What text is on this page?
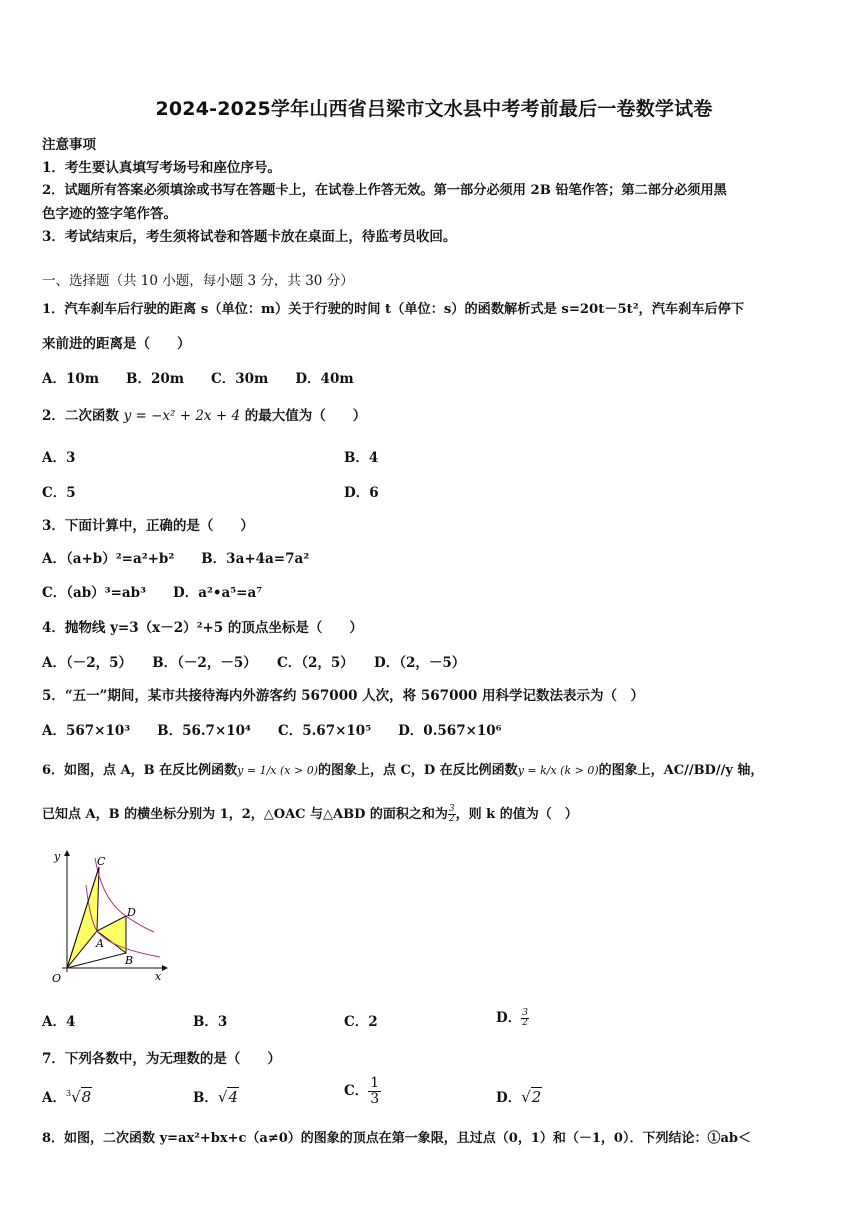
2024-2025学年山西省吕梁市文水县中考考前最后一卷数学试卷
注意事项
1．考生要认真填写考场号和座位序号。
2．试题所有答案必须填涂或书写在答题卡上，在试卷上作答无效。第一部分必须用 2B 铅笔作答；第二部分必须用黑
色字迹的签字笔作答。
3．考试结束后，考生须将试卷和答题卡放在桌面上，待监考员收回。
一、选择题（共 10 小题，每小题 3 分，共 30 分）
1．汽车刹车后行驶的距离 s（单位：m）关于行驶的时间 t（单位：s）的函数解析式是 s=20t－5t²，汽车刹车后停下
来前进的距离是（　　）
A．10m　　B．20m　　C．30m　　D．40m
2．二次函数 y = −x² + 2x + 4 的最大值为（　　）
A．3	B．4
C．5	D．6
3．下面计算中，正确的是（　　）
A．（a+b）²=a²+b²　　B．3a+4a=7a²
C．（ab）³=ab³　　D．a²•a⁵=a⁷
4．抛物线 y=3（x－2）²+5 的顶点坐标是（　　）
A．（－2，5）　　B．（－2，－5）　　C．（2，5）　　D．（2，－5）
5．“五一”期间，某市共接待海内外游客约 567000 人次，将 567000 用科学记数法表示为（　）
A．567×10³　　B．56.7×10⁴　　C．5.67×10⁵　　D．0.567×10⁶
6．如图，点 A，B 在反比例函数y = 1/x (x > 0)的图象上，点 C，D 在反比例函数y = k/x (k > 0)的图象上，AC//BD//y 轴，
已知点 A，B 的横坐标分别为 1，2，△OAC 与△ABD 的面积之和为 $\frac{3}{2}$ ，则 k 的值为（　）
y
x
O
A
B
C
D
A．4	B．3	C．2	D． $\frac{3}{2}$
7．下列各数中，为无理数的是（　　）
A．$^3$√8	B．√4	C． $\frac{1}{3}$	D．√2
8．如图，二次函数 y=ax²+bx+c（a≠0）的图象的顶点在第一象限，且过点（0，1）和（－1，0）．下列结论：①ab＜
